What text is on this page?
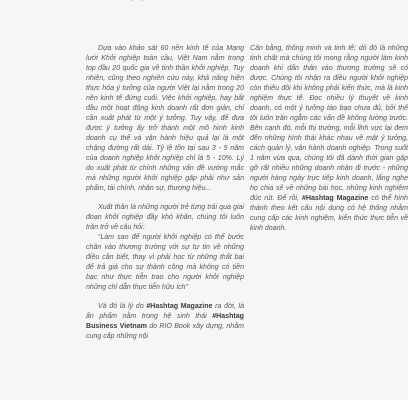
Dựa vào khảo sát 60 nền kinh tế của Mạng lưới Khởi nghiệp toàn cầu, Việt Nam nằm trong top đầu 20 quốc gia về tinh thần khởi nghiệp. Tuy nhiên, cũng theo nghiên cứu này, khả năng hiện thực hóa ý tưởng của người Việt lại nằm trong 20 nền kinh tế đứng cuối. Việc khởi nghiệp, hay bắt đầu một hoạt động kinh doanh rất đơn giản, chỉ cần xuất phát từ một ý tưởng. Tuy vậy, để đưa được ý tưởng ấy trở thành một mô hình kinh doanh cụ thể và vận hành hiệu quả lại là một chặng đường rất dài. Tỷ lệ tồn tại sau 3 - 5 năm của doanh nghiệp khởi nghiệp chỉ là 5 - 10%. Lý do xuất phát từ chính những vấn đề vướng mắc mà những người khởi nghiệp gặp phải như sản phẩm, tài chính, nhân sự, thương hiệu...

Xuất thân là những người trẻ từng trải qua giai đoạn khởi nghiệp đầy khó khăn, chúng tôi luôn trăn trở về câu hỏi:
“Làm sao để người khởi nghiệp có thể bước chân vào thương trường với sự tự tin về những điều cần biết, thay vì phải học từ những thất bại để trả giá cho sự thành công mà không có tiền bạc như thực tiễn trao cho người khởi nghiệp những chỉ dẫn thực tiễn hữu ích”

Và đó là lý do #Hashtag Magazine ra đời, là ấn phẩm nằm trong hệ sinh thái #Hashtag Business Vietnam do RIO Book xây dựng, nhằm cung cấp những nội

Cân bằng, thông minh và tinh tế; dó đó là những tinh chất mà chúng tôi mong rằng người làm kinh doanh khi dấn thân vào thương trường sẽ có được. Chúng tôi nhận ra điều người khởi nghiệp còn thiếu đôi khi không phải kiến thức, mà là kinh nghiệm thực tế. Đọc nhiều lý thuyết về kinh doanh, có một ý tưởng táo bạo chưa đủ, bởi thế tôi luôn trăn ngẫm các vấn đề không lường trước. Bên cạnh đó, mỗi thị trường, mỗi lĩnh vực lại đem đến những hình thái khác nhau về mặt ý tưởng, cách quản lý, vận hành doanh nghiệp. Trong suốt 1 năm vừa qua, chúng tôi đã dành thời gian gặp gỡ rất nhiều những doanh nhân đi trước - những người hàng ngày trực tiếp kinh doanh, lắng nghe họ chia sẻ về những bài học, những kinh nghiệm đúc rút. Để rồi, #Hashtag Magazine có thể hình thành theo kết cấu nội dung có hệ thống nhằm cung cấp các kinh nghiệm, kiến thức thực tiễn về kinh doanh.
